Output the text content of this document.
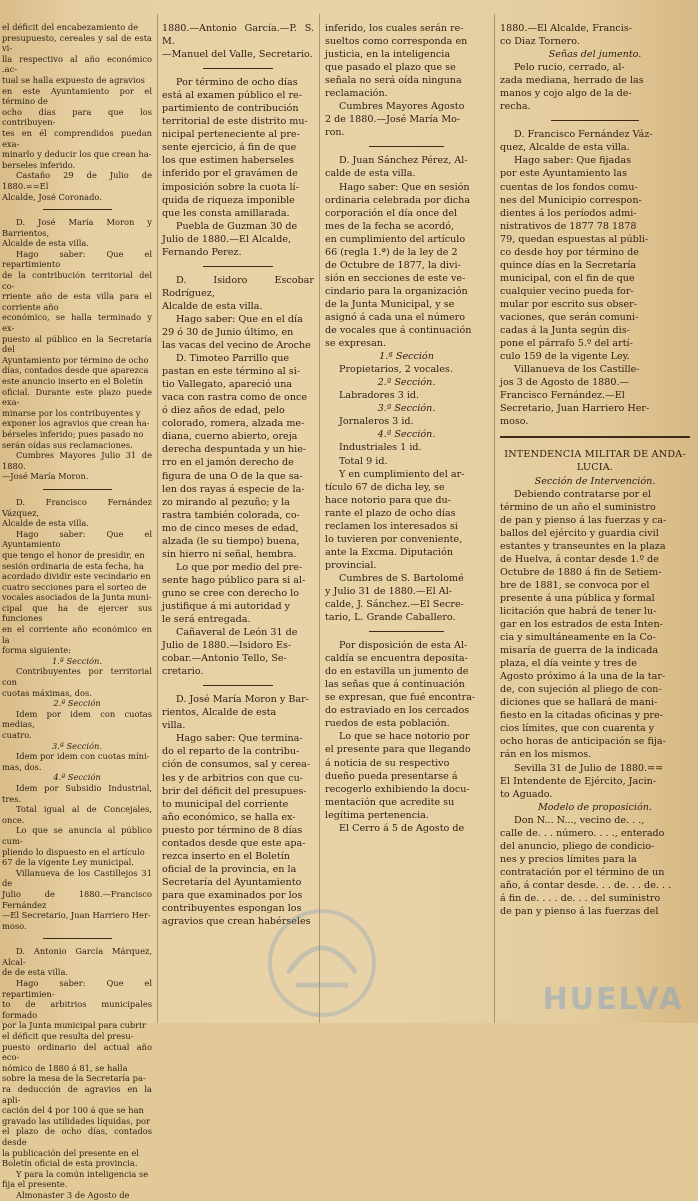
el déficit del encabezamiento de

presupuesto, cereales y sal de esta vi-

lla respectivo al año económico .ac-

tual se halla expuesto de agravios

en este Ayuntamiento por el término de

ocho días para que los contribuyen-

tes en él comprendidos puedan exa-

minarlo y deducir los que crean ha-

berseles inferido.

Castaño 29 de Julio de 1880.==El

Alcalde, José Coronado.

D. José María Moron y Barrientos,

Alcalde de esta villa.

Hago saber: Que el repartimiento

de la contribución territorial del co-

rriente año de esta villa para el corriente año

económico, se halla terminado y ex-

puesto al público en la Secretaría del

Ayuntamiento por término de ocho

días, contados desde que aparezca

este anuncio inserto en el Boletín

oficial. Durante este plazo puede exa-

minarse por los contribuyentes y

exponer los agravios que crean ha-

bérseles inferido; pues pasado no

serán oídas sus reclamaciones.

Cumbres Mayores Julio 31 de 1880.

—José María Moron.

D. Francisco Fernández Vázquez,

Alcalde de esta villa.

Hago saber: Que el Ayuntamiento

que tengo el honor de presidir, en

sesión ordinaria de esta fecha, ha

acordado dividir este vecindario en

cuatro secciones para el sorteo de

vocales asociados de la Junta muni-

cipal que ha de ejercer sus funciones

en el corriente año económico en la

forma siguiente:

1.ª Sección.

Contribuyentes por territorial con

cuotas máximas, dos.

2.ª Sección

Idem por idem con cuotas medias,

cuatro.

3.ª Sección.

Idem por idem con cuotas míni-

mas, dos.

4.ª Sección

Idem por Subsidio Industrial, tres.

Total igual al de Concejales, once.

Lo que se anuncia al público cum-

pliendo lo dispuesto en el artículo

67 de la vigente Ley municipal.

Villanueva de los Castillejos 31 de

Julio de 1880.—Francisco Fernández

—El Secretario, Juan Harriero Her-

moso.

D. Antonio García Márquez, Alcal-

de de esta villa.

Hago saber: Que el repartimien-

to de arbitrios municipales formado

por la Junta municipal para cubrir

el déficit que resulta del presu-

puesto ordinario del actual año eco-

nómico de 1880 á 81, se halla

sobre la mesa de la Secretaría pa-

ra deducción de agravios en la apli-

cación del 4 por 100 á que se han

gravado las utilidades líquidas, por

el plazo de ocho días, contados desde

la publicación del presente en el

Boletín oficial de esta provincia.

Y para la común inteligencia se

fija el presente.

Almonaster 3 de Agosto de

1880.—Antonio García.—P. S. M.

—Manuel del Valle, Secretario.

Por término de ocho días

está al examen público el re-

partimiento de contribución

territorial de este distrito mu-

nicipal perteneciente al pre-

sente ejercicio, á fin de que

los que estimen haberseles

inferido por el gravámen de

imposición sobre la cuota lí-

quida de riqueza imponible

que les consta amillarada.

Puebla de Guzman 30 de

Julio de 1880.—El Alcalde,

Fernando Perez.

D. Isidoro Escobar Rodríguez,

Alcalde de esta villa.

Hago saber: Que en el día

29 ó 30 de Junio último, en

las vacas del vecino de Aroche

D. Timoteo Parrillo que

pastan en este término al si-

tio Vallegato, apareció una

vaca con rastra como de once

ó diez años de edad, pelo

colorado, romera, alzada me-

diana, cuerno abierto, oreja

derecha despuntada y un hie-

rro en el jamón derecho de

figura de una O de la que sa-

len dos rayas á especie de la-

zo mirando al pezuño; y la

rastra también colorada, co-

mo de cinco meses de edad,

alzada (le su tiempo) buena,

sin hierro ni señal, hembra.

Lo que por medio del pre-

sente hago público para si al-

guno se cree con derecho lo

justifique á mi autoridad y

le será entregada.

Cañaveral de León 31 de

Julio de 1880.—Isidoro Es-

cobar.—Antonio Tello, Se-

cretario.

D. José María Moron y Bar-

rientos, Alcalde de esta

villa.

Hago saber: Que termina-

do el reparto de la contribu-

ción de consumos, sal y cerea-

les y de arbitrios con que cu-

brir del déficit del presupues-

to municipal del corriente

año económico, se halla ex-

puesto por término de 8 días

contados desde que este apa-

rezca inserto en el Boletín

oficial de la provincia, en la

Secretaría del Ayuntamiento

para que examinados por los

contribuyentes espongan los

agravios que crean habérseles

inferido, los cuales serán re-

sueltos como corresponda en

justicia, en la inteligencia

que pasado el plazo que se

señala no será oída ninguna

reclamación.

Cumbres Mayores Agosto

2 de 1880.—José María Mo-

ron.

D. Juan Sánchez Pérez, Al-

calde de esta villa.

Hago saber: Que en sesión

ordinaria celebrada por dicha

corporación el día once del

mes de la fecha se acordó,

en cumplimiento del artículo

66 (regla 1.ª) de la ley de 2

de Octubre de 1877, la divi-

sión en secciones de este ve-

cindario para la organización

de la Junta Municipal, y se

asignó á cada una el número

de vocales que á continuación

se expresan.

1.ª Sección

Propietarios, 2 vocales.

2.ª Sección.

Labradores 3 id.

3.ª Sección.

Jornaleros 3 id.

4.ª Sección.

Industriales 1 id.

Total 9 id.

Y en cumplimiento del ar-

tículo 67 de dicha ley, se

hace notorio para que du-

rante el plazo de ocho días

reclamen los interesados si

lo tuvieren por conveniente,

ante la Excma. Diputación

provincial.

Cumbres de S. Bartolomé

y Julio 31 de 1880.—El Al-

calde, J. Sánchez.—El Secre-

tario, L. Grande Caballero.

Por disposición de esta Al-

caldía se encuentra deposita-

do en estavilla un jumento de

las señas que á continuación

se expresan, que fué encontra-

do estraviado en los cercados

ruedos de esta población.

Lo que se hace notorio por

el presente para que llegando

á noticia de su respectivo

dueño pueda presentarse á

recogerlo exhibiendo la docu-

mentación que acredite su

legítima pertenencia.

El Cerro á 5 de Agosto de

1880.—El Alcalde, Francis-

co Diaz Tornero.

Señas del jumento.

Pelo rucio, cerrado, al-

zada mediana, herrado de las

manos y cojo algo de la de-

recha.

D. Francisco Fernández Váz-

quez, Alcalde de esta villa.

Hago saber: Que fijadas

por este Ayuntamiento las

cuentas de los fondos comu-

nes del Municipio correspon-

dientes á los períodos admi-

nistrativos de 1877 78 1878

79, quedan espuestas al públi-

co desde hoy por término de

quince días en la Secretaría

municipal, con el fin de que

cualquier vecino pueda for-

mular por escrito sus obser-

vaciones, que serán comuni-

cadas á la Junta según dis-

pone el párrafo 5.º del artí-

culo 159 de la vigente Ley.

Villanueva de los Castille-

jos 3 de Agosto de 1880.—

Francisco Fernández.—El

Secretario, Juan Harriero Her-

moso.

INTENDENCIA MILITAR DE ANDA-

LUCIA.

Sección de Intervención.

Debiendo contratarse por el

término de un año el suministro

de pan y pienso á las fuerzas y ca-

ballos del ejército y guardia civil

estantes y transeuntes en la plaza

de Huelva, á contar desde 1.º de

Octubre de 1880 á fin de Setiem-

bre de 1881, se convoca por el

presente á una pública y formal

licitación que habrá de tener lu-

gar en los estrados de esta Inten-

cia y simultáneamente en la Co-

misaría de guerra de la indicada

plaza, el día veinte y tres de

Agosto próximo á la una de la tar-

de, con sujeción al pliego de con-

diciones que se hallará de mani-

fiesto en la citadas oficinas y pre-

cios límites, que con cuarenta y

ocho horas de anticipación se fija-

rán en los mismos.

Sevilla 31 de Julio de 1880.==

El Intendente de Ejército, Jacin-

to Aguado.

Modelo de proposición.

Don N... N..., vecino de. . .,

calle de. . . número. . . ., enterado

del anuncio, pliego de condicio-

nes y precios límites para la

contratación por el término de un

año, á contar desde. . . de. . . de. . .

á fin de. . . . de. . . del suministro

de pan y pienso á las fuerzas del

HUELVA
